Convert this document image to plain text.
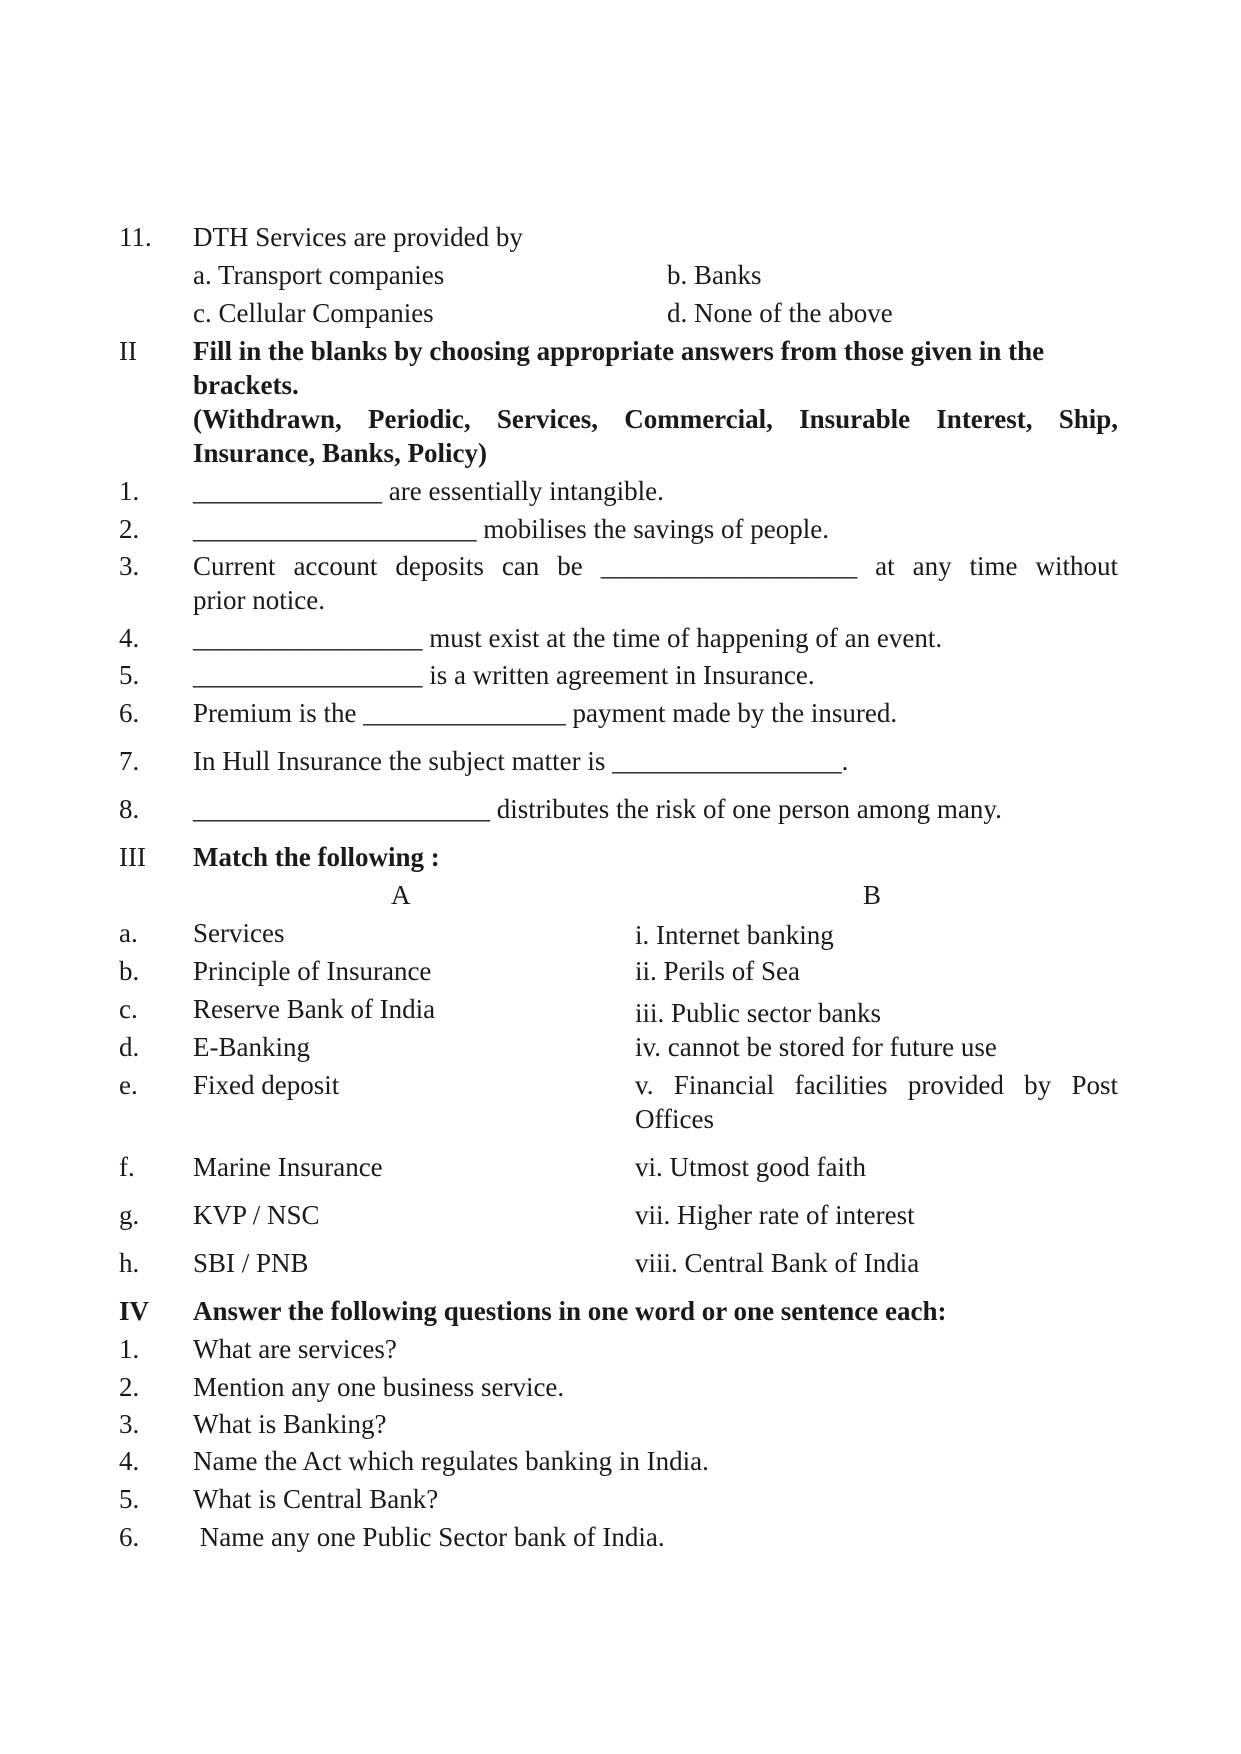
11. DTH Services are provided by
a. Transport companies	b. Banks
c. Cellular Companies	d. None of the above
II Fill in the blanks by choosing appropriate answers from those given in the
brackets.
(Withdrawn, Periodic, Services, Commercial, Insurable Interest, Ship,
Insurance, Banks, Policy)
1. ______________ are essentially intangible.
2. _____________________ mobilises the savings of people.
3. Current account deposits can be ___________________ at any time without
prior notice.
4. _________________ must exist at the time of happening of an event.
5. _________________ is a written agreement in Insurance.
6. Premium is the _______________ payment made by the insured.
7. In Hull Insurance the subject matter is _________________.
8. ______________________ distributes the risk of one person among many.
III Match the following :
A	B
a. Services	i. Internet banking
b. Principle of Insurance	ii. Perils of Sea
c. Reserve Bank of India	iii. Public sector banks
d. E-Banking	iv. cannot be stored for future use
e. Fixed deposit	v. Financial facilities provided by Post
Offices
f. Marine Insurance	vi. Utmost good faith
g. KVP / NSC	vii. Higher rate of interest
h. SBI / PNB	viii. Central Bank of India
IV Answer the following questions in one word or one sentence each:
1. What are services?
2. Mention any one business service.
3. What is Banking?
4. Name the Act which regulates banking in India.
5. What is Central Bank?
6. Name any one Public Sector bank of India.
